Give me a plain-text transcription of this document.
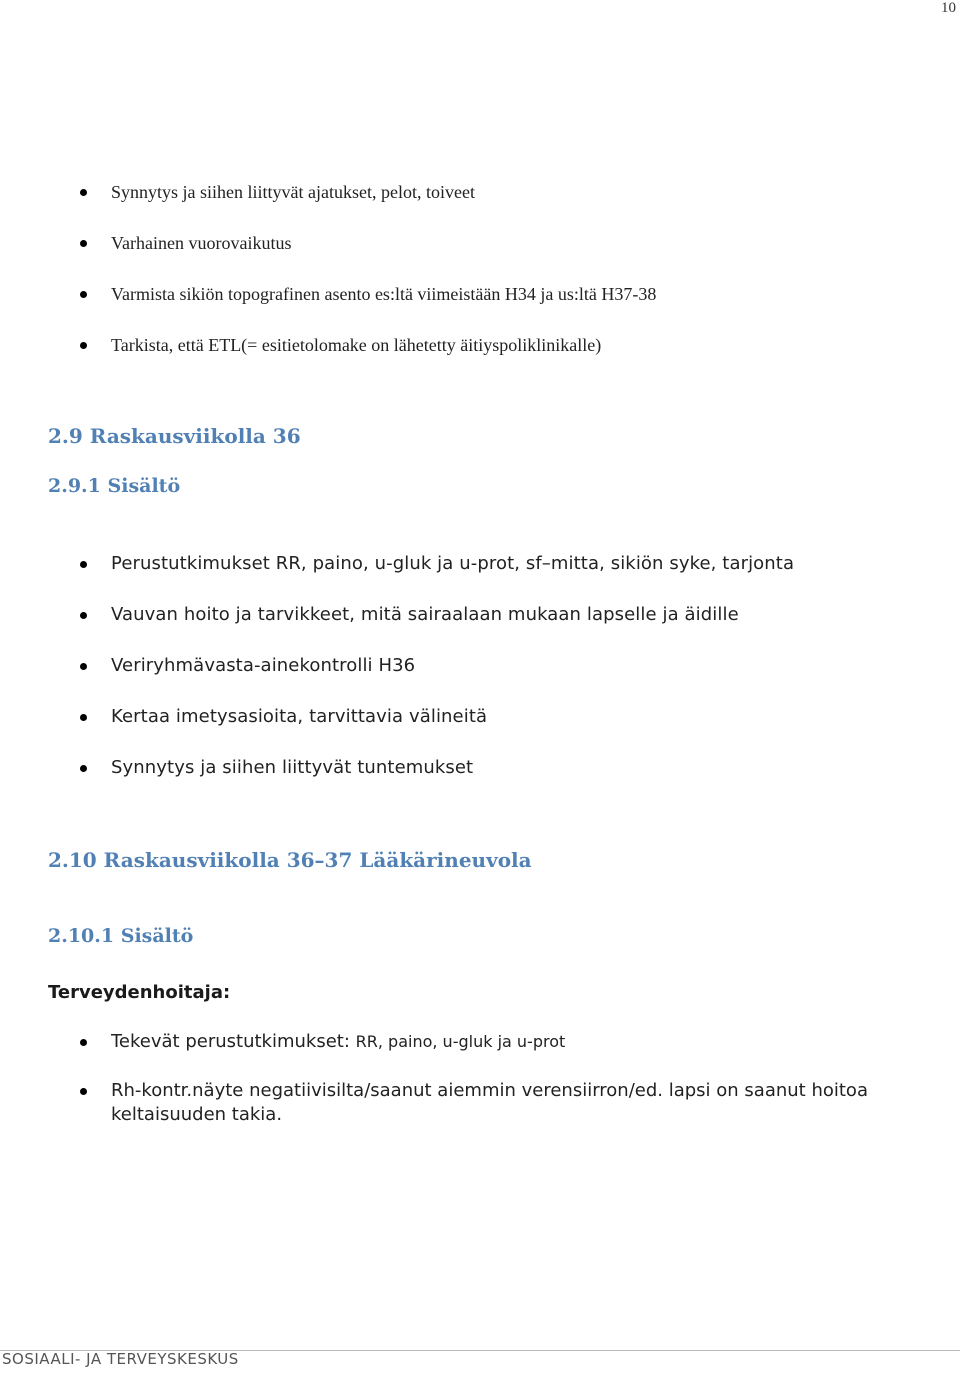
10
Synnytys ja siihen liittyvät ajatukset, pelot, toiveet
Varhainen vuorovaikutus
Varmista sikiön topografinen asento es:ltä viimeistään H34 ja us:ltä H37-38
Tarkista, että ETL(= esitietolomake on lähetetty äitiyspoliklinikalle)
2.9 Raskausviikolla 36
2.9.1 Sisältö
Perustutkimukset RR, paino, u-gluk ja u-prot, sf–mitta, sikiön syke, tarjonta
Vauvan hoito ja tarvikkeet, mitä sairaalaan mukaan lapselle ja äidille
Veriryhmävasta-ainekontrolli H36
Kertaa imetysasioita, tarvittavia välineitä
Synnytys ja siihen liittyvät tuntemukset
2.10 Raskausviikolla 36–37 Lääkärineuvola
2.10.1 Sisältö

Terveydenhoitaja:

Tekevät perustutkimukset: RR, paino, u-gluk ja u-prot
Rh-kontr.näyte negatiivisilta/saanut aiemmin verensiirron/ed. lapsi on saanut hoitoa keltaisuuden takia.
SOSIAALI- JA TERVEYSKESKUS
